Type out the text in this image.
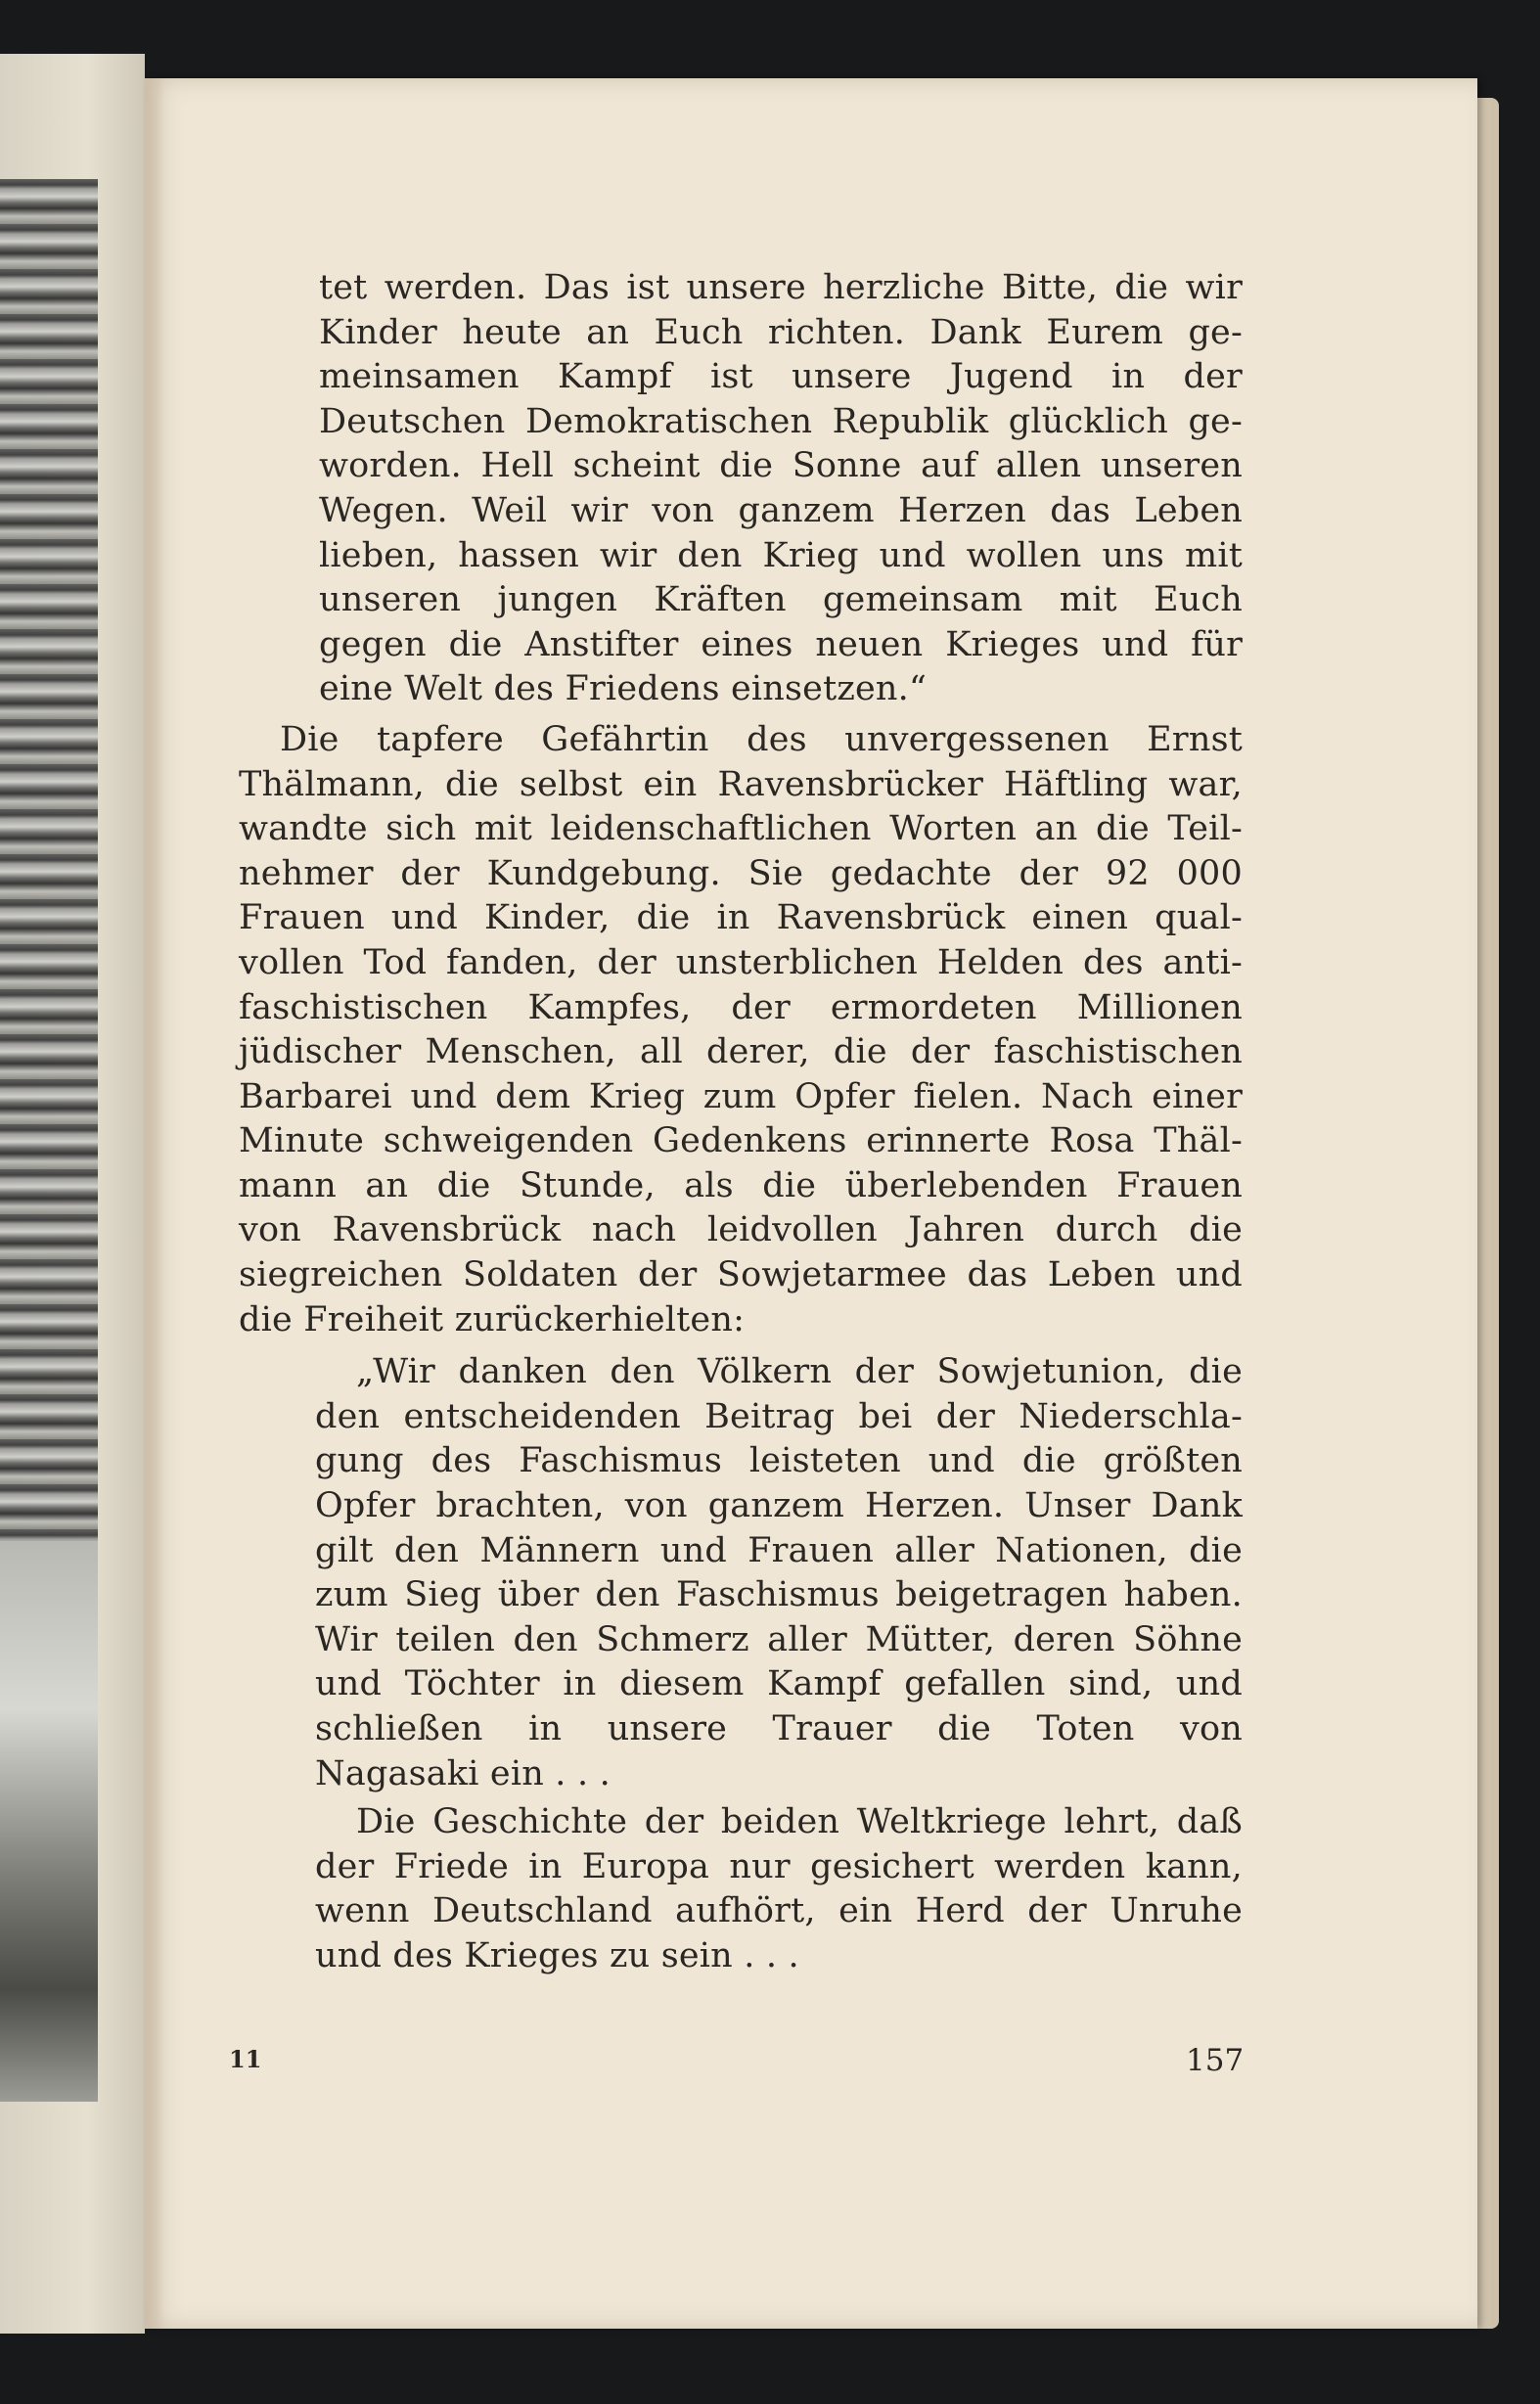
tet werden. Das ist unsere herzliche Bitte, die wir
Kinder heute an Euch richten. Dank Eurem ge-
meinsamen Kampf ist unsere Jugend in der
Deutschen Demokratischen Republik glücklich ge-
worden. Hell scheint die Sonne auf allen unseren
Wegen. Weil wir von ganzem Herzen das Leben
lieben, hassen wir den Krieg und wollen uns mit
unseren jungen Kräften gemeinsam mit Euch
gegen die Anstifter eines neuen Krieges und für
eine Welt des Friedens einsetzen.“
Die tapfere Gefährtin des unvergessenen Ernst
Thälmann, die selbst ein Ravensbrücker Häftling war,
wandte sich mit leidenschaftlichen Worten an die Teil-
nehmer der Kundgebung. Sie gedachte der 92 000
Frauen und Kinder, die in Ravensbrück einen qual-
vollen Tod fanden, der unsterblichen Helden des anti-
faschistischen Kampfes, der ermordeten Millionen
jüdischer Menschen, all derer, die der faschistischen
Barbarei und dem Krieg zum Opfer fielen. Nach einer
Minute schweigenden Gedenkens erinnerte Rosa Thäl-
mann an die Stunde, als die überlebenden Frauen
von Ravensbrück nach leidvollen Jahren durch die
siegreichen Soldaten der Sowjetarmee das Leben und
die Freiheit zurückerhielten:
„Wir danken den Völkern der Sowjetunion, die
den entscheidenden Beitrag bei der Niederschla-
gung des Faschismus leisteten und die größten
Opfer brachten, von ganzem Herzen. Unser Dank
gilt den Männern und Frauen aller Nationen, die
zum Sieg über den Faschismus beigetragen haben.
Wir teilen den Schmerz aller Mütter, deren Söhne
und Töchter in diesem Kampf gefallen sind, und
schließen in unsere Trauer die Toten von
Nagasaki ein . . .
Die Geschichte der beiden Weltkriege lehrt, daß
der Friede in Europa nur gesichert werden kann,
wenn Deutschland aufhört, ein Herd der Unruhe
und des Krieges zu sein . . .
11	157
